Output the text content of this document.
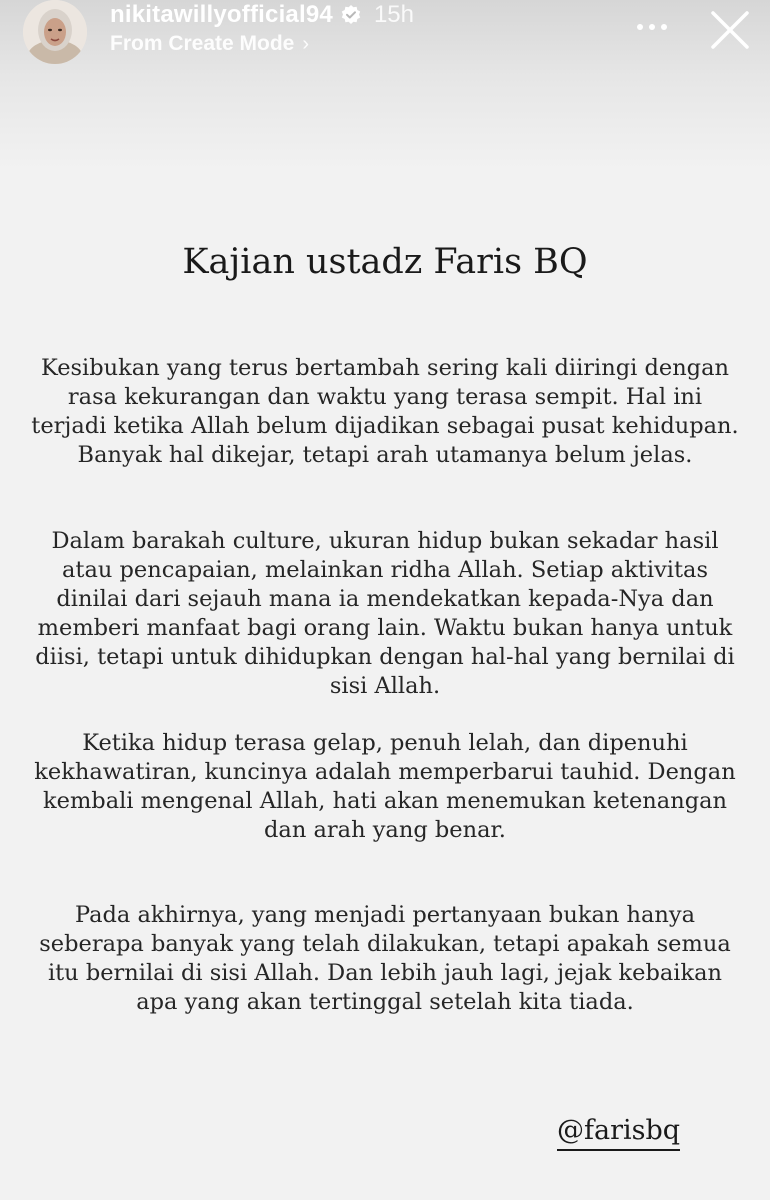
nikitawillyofficial94 15h
From Create Mode ›
Kajian ustadz Faris BQ

Kesibukan yang terus bertambah sering kali diiringi dengan rasa kekurangan dan waktu yang terasa sempit. Hal ini terjadi ketika Allah belum dijadikan sebagai pusat kehidupan. Banyak hal dikejar, tetapi arah utamanya belum jelas.

Dalam barakah culture, ukuran hidup bukan sekadar hasil atau pencapaian, melainkan ridha Allah. Setiap aktivitas dinilai dari sejauh mana ia mendekatkan kepada-Nya dan memberi manfaat bagi orang lain. Waktu bukan hanya untuk diisi, tetapi untuk dihidupkan dengan hal-hal yang bernilai di sisi Allah.

Ketika hidup terasa gelap, penuh lelah, dan dipenuhi kekhawatiran, kuncinya adalah memperbarui tauhid. Dengan kembali mengenal Allah, hati akan menemukan ketenangan dan arah yang benar.

Pada akhirnya, yang menjadi pertanyaan bukan hanya seberapa banyak yang telah dilakukan, tetapi apakah semua itu bernilai di sisi Allah. Dan lebih jauh lagi, jejak kebaikan apa yang akan tertinggal setelah kita tiada.

@farisbq
